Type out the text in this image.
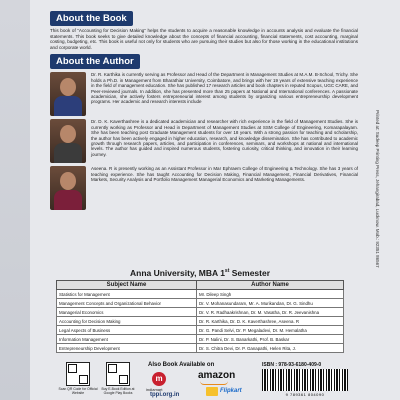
About the Book

This book of “Accounting for Decision Making” helps the students to acquire a reasonable knowledge in accounts analysis and evaluate the financial statements. This book seeks to give detailed knowledge about the concepts of financial accounting, financial statements, cost accounting, marginal costing, budgeting, etc. This book is useful not only for students who are pursuing their studies but also for those working in the educational institutions and corporate world.

About the Author

Dr. R. Karthika is currently serving as Professor and Head of the Department in Management Studies at M.A.M. B-School, Trichy. She holds a Ph.D. in Management from Bharathiar University, Coimbatore, and brings with her 19 years of extensive teaching experience in the field of management education. She has published 17 research articles and book chapters in reputed Scopus, UGC CARE, and Peer-reviewed journals. In addition, she has presented more than 25 papers at National and International conferences. A passionate academician, she actively fosters entrepreneurial interest among students by organizing various entrepreneurship development programs. Her academic and research interests include

Dr. D. K. Kaverthashree is a dedicated academician and researcher with rich experience in the field of Management Studies. She is currently working as Professor and Head in Department of Management Studies at SSM College of Engineering, Komarapalayam. She has been teaching post Graduate Management students for over 18 years. With a strong passion for teaching and scholarship, the author has been actively engaged in higher education, research, and knowledge dissemination. She has contributed to academic growth through research papers, articles, and participation in conferences, seminars, and workshops at national and international levels. The author has guided and inspired numerous students, fostering curiosity, critical thinking, and innovation in their learning journey.

Aseena. R is presently working as an Assistant Professor in Mar Ephraem College of Engineering & Technology. She has 3 years of teaching experience. She has taught Accounting for Decision Making, Financial Management, Financial Derivatives, Financial Markets, Security Analysis and Portfolio Management Managerial Economics and Marketing Managements.	Printed at: Sudeep Printing Press, Jehangirabad, Lucknow. Mob.: 92351 86567
Anna University, MBA 1st Semester
Subject Name	Author Name
Statistics for Management	Mr. Dileep Singh
Management Concepts and Organizational Behavior	Dr. V. Mohanasundaram, Mr. A. Murikandan, Dr. G. Sindhu
Managerial Economics	Dr. V. R. Radhaakrishnan, Dr. M. Vasatha, Dr. R. Jeevanishna
Accounting for Decision Making	Dr. R. Karthika, Dr. D. K. Kaverthashree, Aseena. R
Legal Aspects of Business	Dr. G. Pandi Selvi, Dr. P. Megaladevi, Dr. M. Hemalatha
Information Management	Dr. P. Nalini, Dr. S. Banarkathi, Prof. B. Baskar
Entrepreneurship Development	Dr. S. Chitra Devi, Dr. P. Ganapathi, Helen Rita, J.
Scan QR Code for Official Website
Buy E-Book Edition at Google Play Books
Also Book Available on
m
indiamart
tppi.org.in
amazon
Flipkart
ISBN : 978-93-6180-409-0
9 789361 804090
